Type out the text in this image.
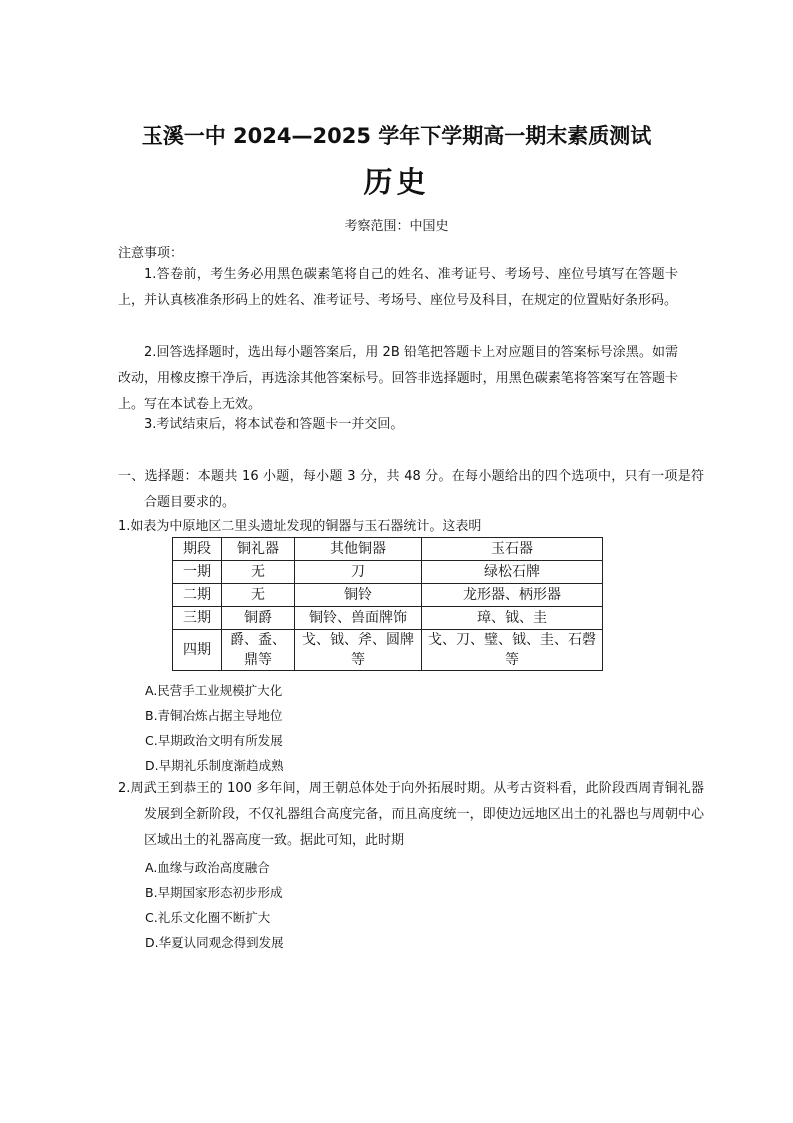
玉溪一中 2024—2025 学年下学期高一期末素质测试
历史
考察范围：中国史
注意事项：
1.答卷前，考生务必用黑色碳素笔将自己的姓名、准考证号、考场号、座位号填写在答题卡上，并认真核准条形码上的姓名、准考证号、考场号、座位号及科目，在规定的位置贴好条形码。
2.回答选择题时，选出每小题答案后，用 2B 铅笔把答题卡上对应题目的答案标号涂黑。如需改动，用橡皮擦干净后，再选涂其他答案标号。回答非选择题时，用黑色碳素笔将答案写在答题卡上。写在本试卷上无效。
3.考试结束后，将本试卷和答题卡一并交回。
一、选择题：本题共 16 小题，每小题 3 分，共 48 分。在每小题给出的四个选项中，只有一项是符合题目要求的。
1.如表为中原地区二里头遗址发现的铜器与玉石器统计。这表明
期段	铜礼器	其他铜器	玉石器
一期	无	刀	绿松石牌
二期	无	铜铃	龙形器、柄形器
三期	铜爵	铜铃、兽面牌饰	璋、钺、圭
四期	爵、盉、鼎等	戈、钺、斧、圆牌等	戈、刀、璧、钺、圭、石磬等
A.民营手工业规模扩大化
B.青铜冶炼占据主导地位
C.早期政治文明有所发展
D.早期礼乐制度渐趋成熟
2.周武王到恭王的 100 多年间，周王朝总体处于向外拓展时期。从考古资料看，此阶段西周青铜礼器发展到全新阶段，不仅礼器组合高度完备，而且高度统一，即使边远地区出土的礼器也与周朝中心区域出土的礼器高度一致。据此可知，此时期
A.血缘与政治高度融合
B.早期国家形态初步形成
C.礼乐文化圈不断扩大
D.华夏认同观念得到发展
